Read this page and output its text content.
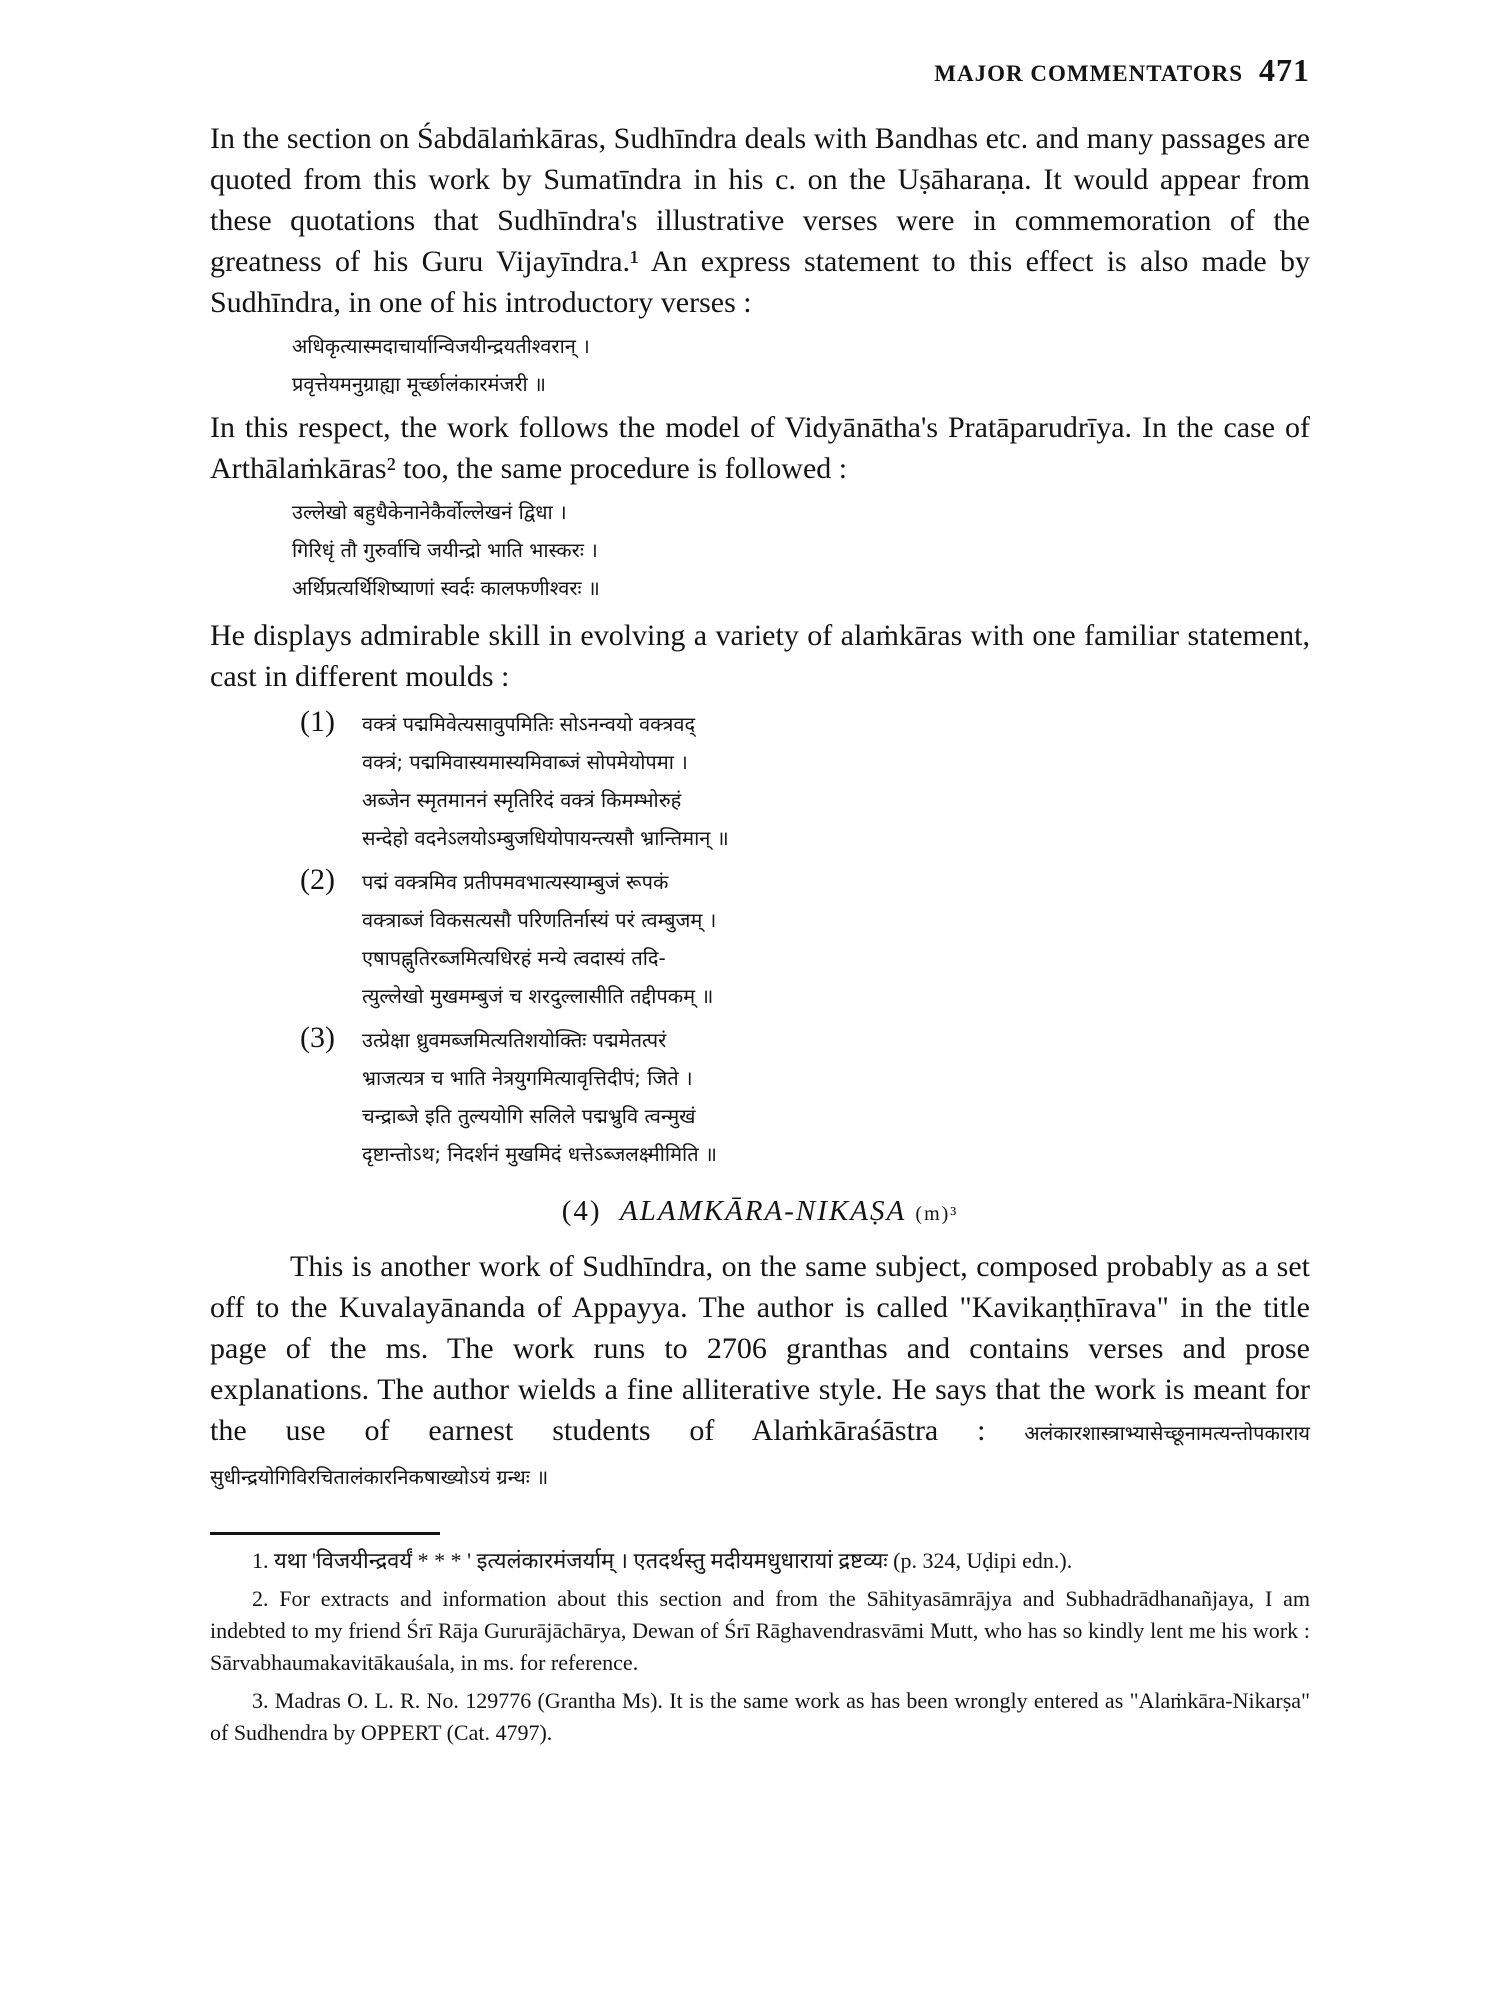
MAJOR COMMENTATORS 471

In the section on Śabdālaṁkāras, Sudhīndra deals with Bandhas etc. and many passages are quoted from this work by Sumatīndra in his c. on the Uṣāharaṇa. It would appear from these quotations that Sudhīndra's illustrative verses were in commemoration of the greatness of his Guru Vijayīndra.¹ An express statement to this effect is also made by Sudhīndra, in one of his introductory verses :

अधिकृत्यास्मदाचार्यान्विजयीन्द्रयतीश्वरान् ।

प्रवृत्तेयमनुग्राह्या मूर्च्छालंकारमंजरी ॥

In this respect, the work follows the model of Vidyānātha's Pratāparudrīya. In the case of Arthālaṁkāras² too, the same procedure is followed :

उल्लेखो बहुधैकेनानेकैर्वोल्लेखनं द्विधा ।

गिरिधृं तौ गुरुर्वाचि जयीन्द्रो भाति भास्करः ।

अर्थिप्रत्यर्थिशिष्याणां स्वर्दः कालफणीश्वरः ॥

He displays admirable skill in evolving a variety of alaṁkāras with one familiar statement, cast in different moulds :

(1) वक्त्रं पद्ममिवेत्यसावुपमितिः सोऽनन्वयो वक्त्रवद्

वक्त्रं; पद्ममिवास्यमास्यमिवाब्जं सोपमेयोपमा ।

अब्जेन स्मृतमाननं स्मृतिरिदं वक्त्रं किमम्भोरुहं

सन्देहो वदनेऽलयोऽम्बुजधियोपायन्त्यसौ भ्रान्तिमान् ॥

(2) पद्मं वक्त्रमिव प्रतीपमवभात्यस्याम्बुजं रूपकं

वक्त्राब्जं विकसत्यसौ परिणतिर्नास्यं परं त्वम्बुजम् ।

एषापह्नुतिरब्जमित्यधिरहं मन्ये त्वदास्यं तदि-

त्युल्लेखो मुखमम्बुजं च शरदुल्लासीति तद्दीपकम् ॥

(3) उत्प्रेक्षा ध्रुवमब्जमित्यतिशयोक्तिः पद्ममेतत्परं

भ्राजत्यत्र च भाति नेत्रयुगमित्यावृत्तिदीपं; जिते ।

चन्द्राब्जे इति तुल्ययोगि सलिले पद्मभ्रुवि त्वन्मुखं

दृष्टान्तोऽथ; निदर्शनं मुखमिदं धत्तेऽब्जलक्ष्मीमिति ॥

(4) ALAMKĀRA-NIKAṢA (m)³

This is another work of Sudhīndra, on the same subject, composed probably as a set off to the Kuvalayānanda of Appayya. The author is called "Kavikaṇṭhīrava" in the title page of the ms. The work runs to 2706 granthas and contains verses and prose explanations. The author wields a fine alliterative style. He says that the work is meant for the use of earnest students of Alaṁkāraśāstra : अलंकारशास्त्राभ्यासेच्छूनामत्यन्तोपकाराय सुधीन्द्रयोगिविरचितालंकारनिकषाख्योऽयं ग्रन्थः ॥

1. यथा 'विजयीन्द्रवर्यं * * * ' इत्यलंकारमंजर्याम् । एतदर्थस्तु मदीयमधुधारायां द्रष्टव्यः (p. 324, Uḍipi edn.).

2. For extracts and information about this section and from the Sāhityasāmrājya and Subhadrādhanañjaya, I am indebted to my friend Śrī Rāja Gururājāchārya, Dewan of Śrī Rāghavendrasvāmi Mutt, who has so kindly lent me his work : Sārvabhaumakavitākauśala, in ms. for reference.

3. Madras O. L. R. No. 129776 (Grantha Ms). It is the same work as has been wrongly entered as "Alaṁkāra-Nikarṣa" of Sudhendra by OPPERT (Cat. 4797).
